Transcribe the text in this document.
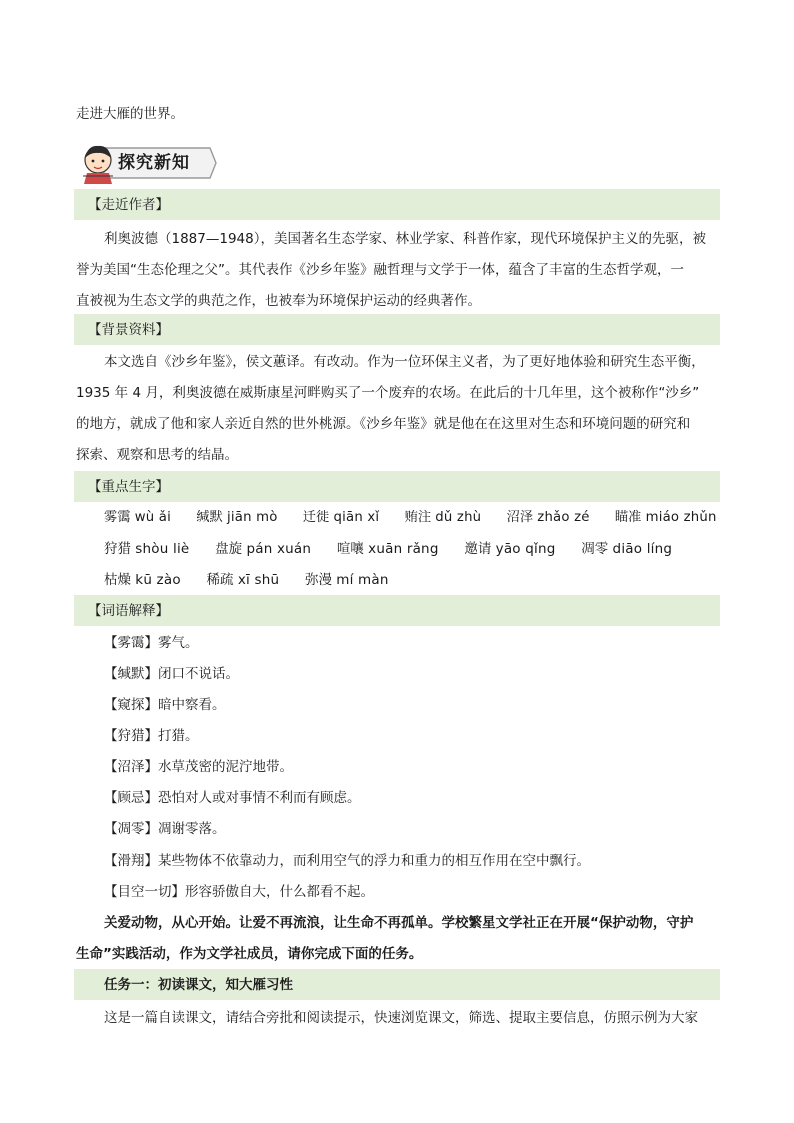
走进大雁的世界。
探究新知
【走近作者】
利奥波德（1887—1948），美国著名生态学家、林业学家、科普作家，现代环境保护主义的先驱，被
誉为美国“生态伦理之父”。其代表作《沙乡年鉴》融哲理与文学于一体，蕴含了丰富的生态哲学观，一
直被视为生态文学的典范之作，也被奉为环境保护运动的经典著作。
【背景资料】
本文选自《沙乡年鉴》，侯文蕙译。有改动。作为一位环保主义者，为了更好地体验和研究生态平衡，
1935 年 4 月，利奥波德在威斯康星河畔购买了一个废弃的农场。在此后的十几年里，这个被称作“沙乡”
的地方，就成了他和家人亲近自然的世外桃源。《沙乡年鉴》就是他在在这里对生态和环境问题的研究和
探索、观察和思考的结晶。
【重点生字】
雾霭 wù ǎi 缄默 jiān mò 迁徙 qiān xǐ 贿注 dǔ zhù 沼泽 zhǎo zé 瞄准 miáo zhǔn
狩猎 shòu liè 盘旋 pán xuán 喧嚷 xuān rǎng 邀请 yāo qǐng 凋零 diāo líng
枯燥 kū zào 稀疏 xī shū 弥漫 mí màn
【词语解释】
【雾霭】雾气。
【缄默】闭口不说话。
【窥探】暗中察看。
【狩猎】打猎。
【沼泽】水草茂密的泥泞地带。
【顾忌】恐怕对人或对事情不利而有顾虑。
【凋零】凋谢零落。
【滑翔】某些物体不依靠动力，而利用空气的浮力和重力的相互作用在空中飘行。
【目空一切】形容骄傲自大，什么都看不起。
关爱动物，从心开始。让爱不再流浪，让生命不再孤单。学校繁星文学社正在开展“保护动物，守护
生命”实践活动，作为文学社成员，请你完成下面的任务。
任务一：初读课文，知大雁习性
这是一篇自读课文，请结合旁批和阅读提示，快速浏览课文，筛选、提取主要信息，仿照示例为大家
